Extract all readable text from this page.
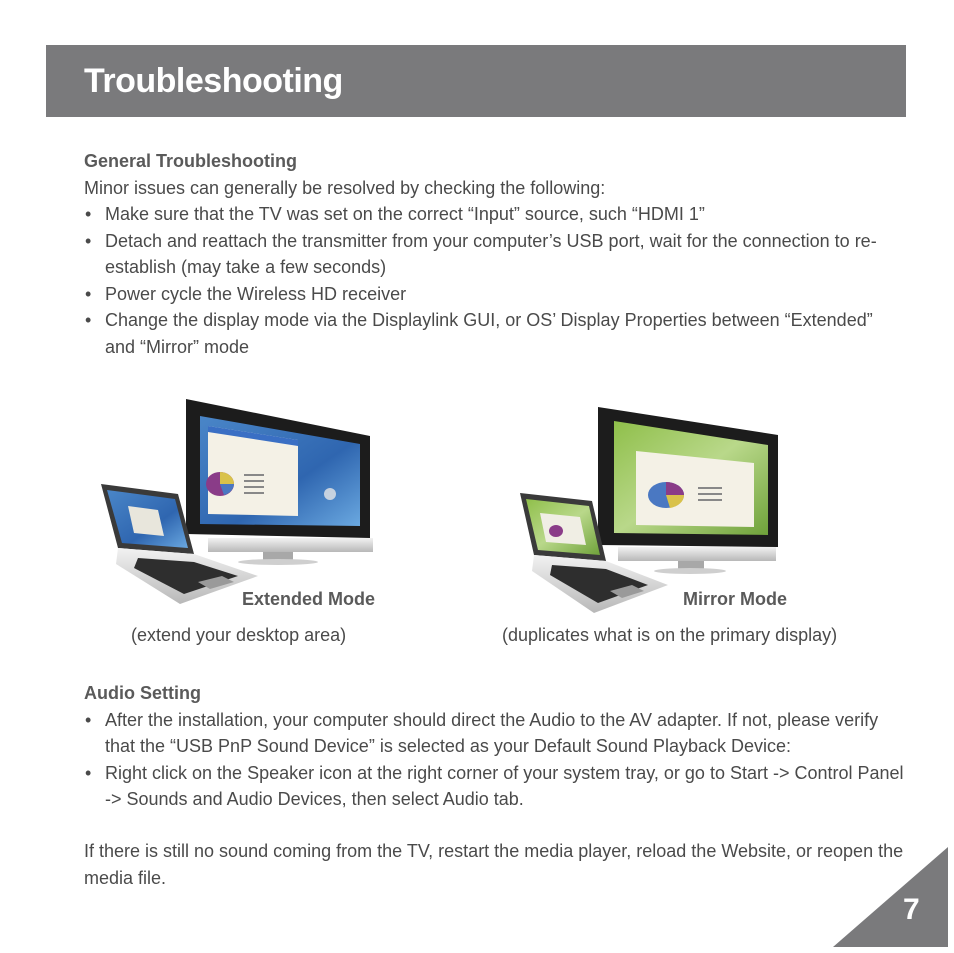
Troubleshooting
General Troubleshooting
Minor issues can generally be resolved by checking the following:
• Make sure that the TV was set on the correct “Input” source, such “HDMI 1”
• Detach and reattach the transmitter from your computer’s USB port, wait for the connection to re-establish (may take a few seconds)
• Power cycle the Wireless HD receiver
• Change the display mode via the Displaylink GUI, or OS’ Display Properties between “Extended” and “Mirror” mode
Extended Mode
(extend your desktop area)
Mirror Mode
(duplicates what is on the primary display)
Audio Setting
• After the installation, your computer should direct the Audio to the AV adapter. If not, please verify that the “USB PnP Sound Device” is selected as your Default Sound Playback Device:
• Right click on the Speaker icon at the right corner of your system tray, or go to Start -> Control Panel -> Sounds and Audio Devices, then select Audio tab.
If there is still no sound coming from the TV, restart the media player, reload the Website, or reopen the media file.
7
